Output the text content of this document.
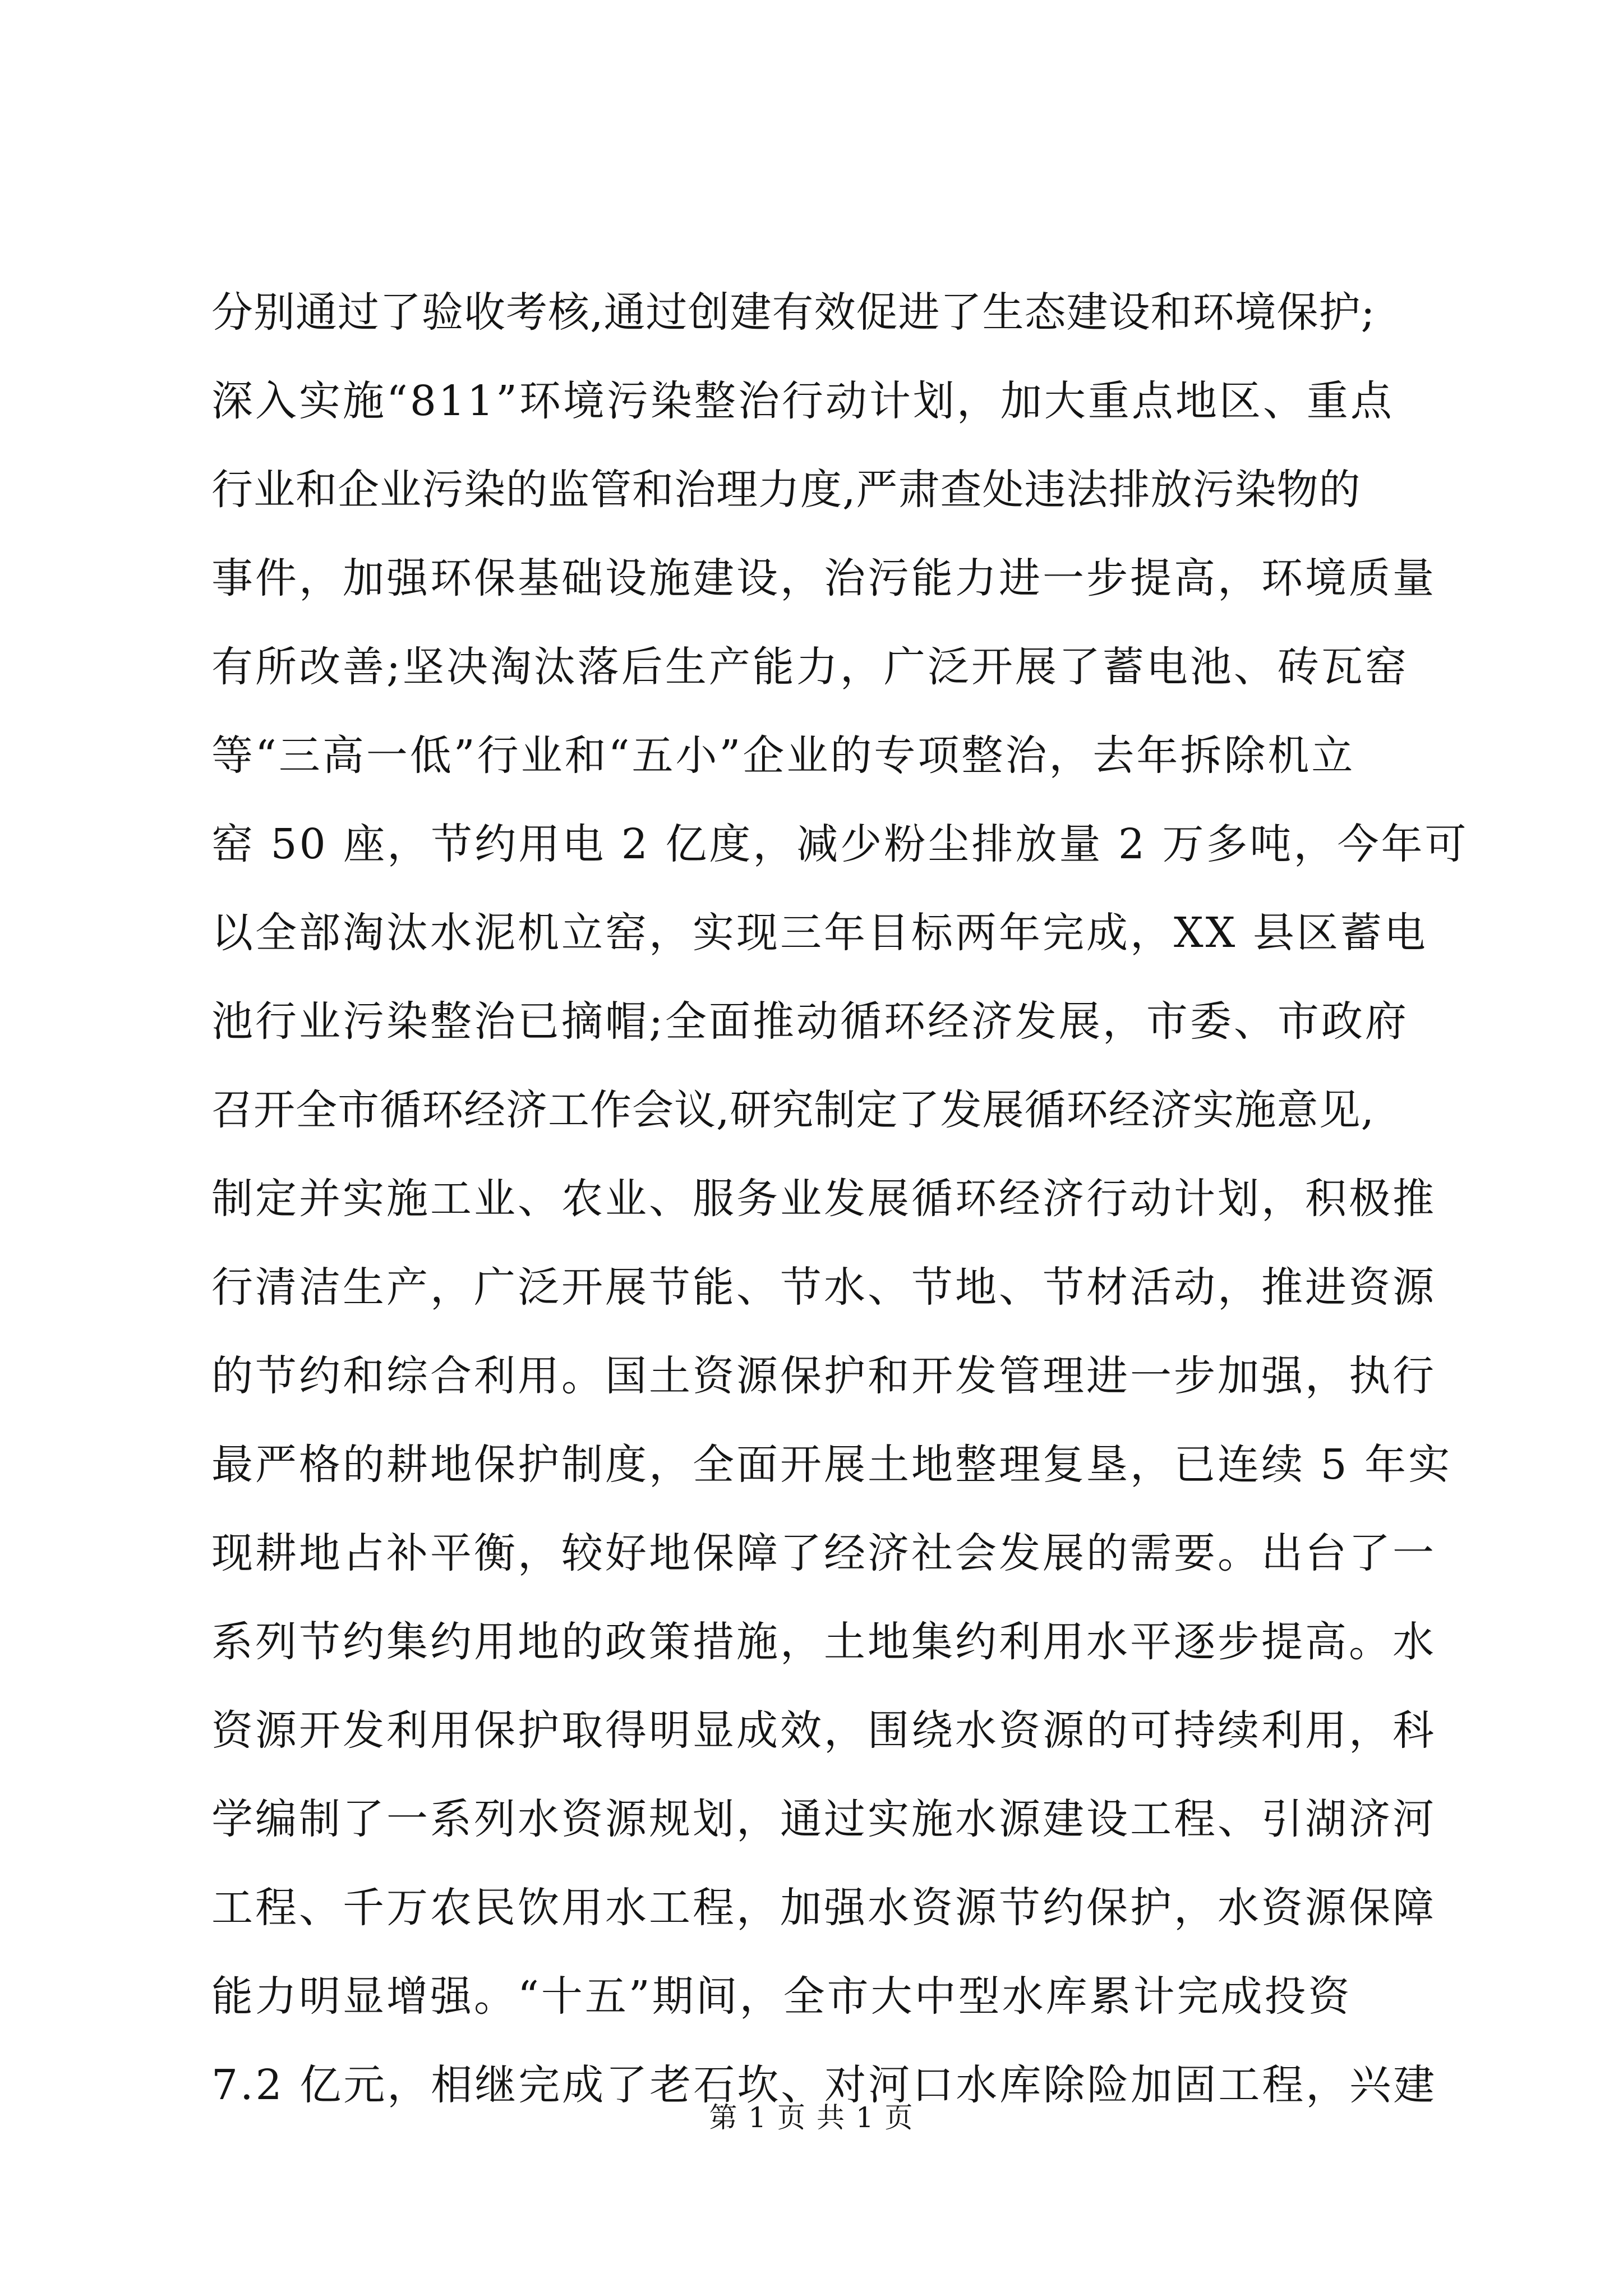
分别通过了验收考核,通过创建有效促进了生态建设和环境保护;
深入实施“811”环境污染整治行动计划，加大重点地区、重点
行业和企业污染的监管和治理力度,严肃查处违法排放污染物的
事件，加强环保基础设施建设，治污能力进一步提高，环境质量
有所改善;坚决淘汰落后生产能力，广泛开展了蓄电池、砖瓦窑
等“三高一低”行业和“五小”企业的专项整治，去年拆除机立
窑 50 座，节约用电 2 亿度，减少粉尘排放量 2 万多吨，今年可
以全部淘汰水泥机立窑，实现三年目标两年完成，XX 县区蓄电
池行业污染整治已摘帽;全面推动循环经济发展，市委、市政府
召开全市循环经济工作会议,研究制定了发展循环经济实施意见,
制定并实施工业、农业、服务业发展循环经济行动计划，积极推
行清洁生产，广泛开展节能、节水、节地、节材活动，推进资源
的节约和综合利用。国土资源保护和开发管理进一步加强，执行
最严格的耕地保护制度，全面开展土地整理复垦，已连续 5 年实
现耕地占补平衡，较好地保障了经济社会发展的需要。出台了一
系列节约集约用地的政策措施，土地集约利用水平逐步提高。水
资源开发利用保护取得明显成效，围绕水资源的可持续利用，科
学编制了一系列水资源规划，通过实施水源建设工程、引湖济河
工程、千万农民饮用水工程，加强水资源节约保护，水资源保障
能力明显增强。“十五”期间，全市大中型水库累计完成投资
7.2 亿元，相继完成了老石坎、对河口水库除险加固工程，兴建
第 1 页 共 1 页
